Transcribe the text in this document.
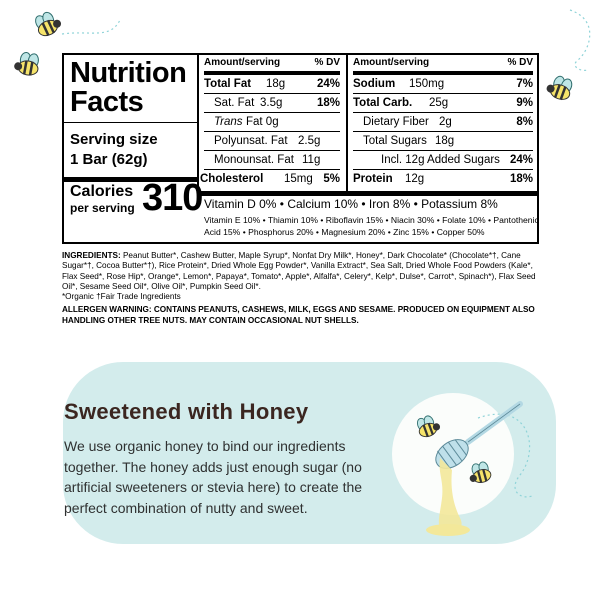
Nutrition
Facts
Serving size
1 Bar (62g)
Calories
per serving 310
Amount/serving	% DV
Total Fat 18g	24%
Sat. Fat 3.5g	18%
Trans Fat 0g
Polyunsat. Fat 2.5g
Monounsat. Fat 11g
Cholesterol 15mg 5%
Amount/serving	% DV
Sodium 150mg	7%
Total Carb. 25g	9%
Dietary Fiber 2g	8%
Total Sugars 18g
Incl. 12g Added Sugars 24%
Protein 12g	18%
Vitamin D 0% • Calcium 10% • Iron 8% • Potassium 8%
Vitamin E 10% • Thiamin 10% • Riboflavin 15% • Niacin 30% • Folate 10% • Pantothenic Acid 15% • Phosphorus 20% • Magnesium 20% • Zinc 15% • Copper 50%
INGREDIENTS: Peanut Butter*, Cashew Butter, Maple Syrup*, Nonfat Dry Milk*, Honey*, Dark Chocolate* (Chocolate*†, Cane Sugar*†, Cocoa Butter*†), Rice Protein*, Dried Whole Egg Powder*, Vanilla Extract*, Sea Salt, Dried Whole Food Powders (Kale*, Flax Seed*, Rose Hip*, Orange*, Lemon*, Papaya*, Tomato*, Apple*, Alfalfa*, Celery*, Kelp*, Dulse*, Carrot*, Spinach*), Flax Seed Oil*, Sesame Seed Oil*, Olive Oil*, Pumpkin Seed Oil*.
*Organic †Fair Trade Ingredients
ALLERGEN WARNING: CONTAINS PEANUTS, CASHEWS, MILK, EGGS AND SESAME. PRODUCED ON EQUIPMENT ALSO HANDLING OTHER TREE NUTS. MAY CONTAIN OCCASIONAL NUT SHELLS.
Sweetened with Honey
We use organic honey to bind our ingredients together. The honey adds just enough sugar (no artificial sweeteners or stevia here) to create the perfect combination of nutty and sweet.
